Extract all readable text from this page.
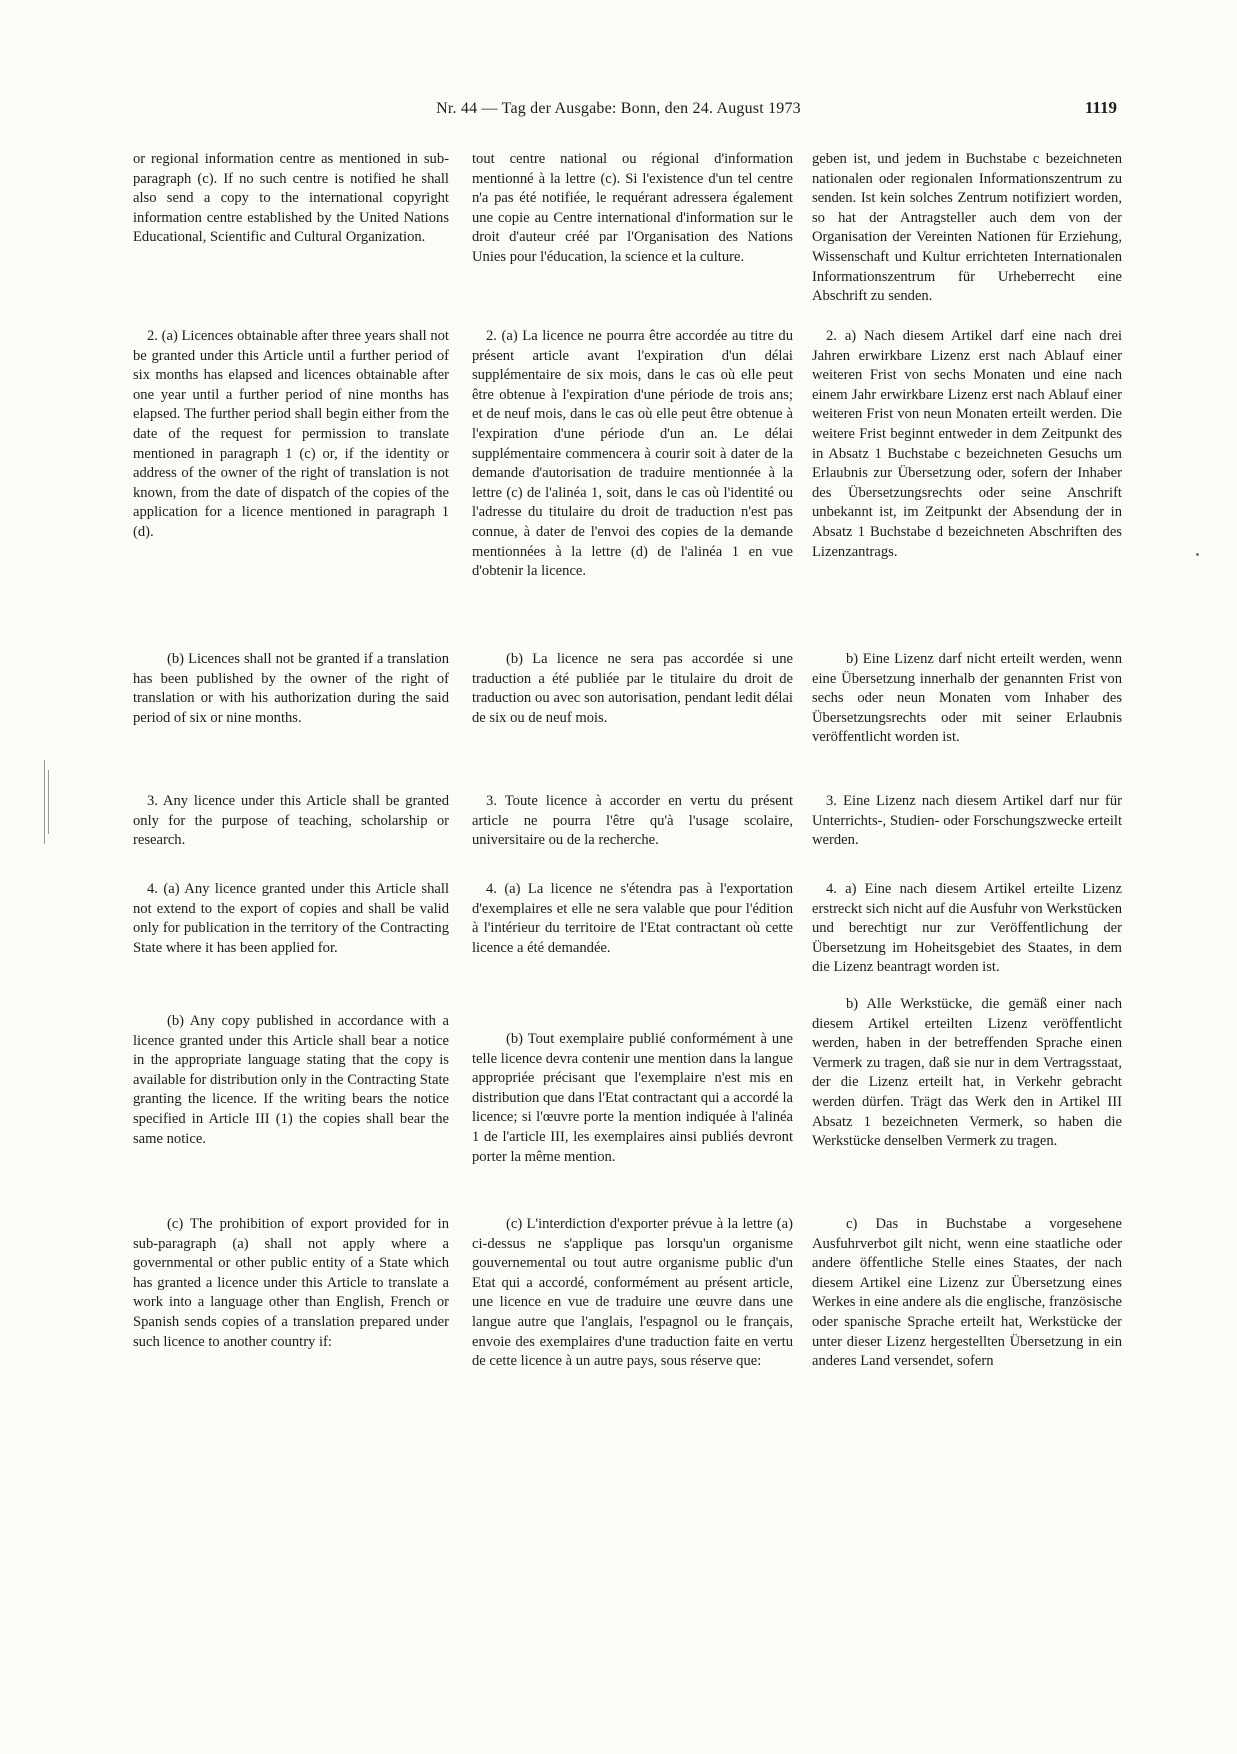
Nr. 44 — Tag der Ausgabe: Bonn, den 24. August 1973	1119
or regional information centre as mentioned in sub-paragraph (c). If no such centre is notified he shall also send a copy to the international copyright information centre established by the United Nations Educational, Scientific and Cultural Organization.
2. (a) Licences obtainable after three years shall not be granted under this Article until a further period of six months has elapsed and licences obtainable after one year until a further period of nine months has elapsed. The further period shall begin either from the date of the request for permission to translate mentioned in paragraph 1 (c) or, if the identity or address of the owner of the right of translation is not known, from the date of dispatch of the copies of the application for a licence mentioned in paragraph 1 (d).
(b) Licences shall not be granted if a translation has been published by the owner of the right of translation or with his authorization during the said period of six or nine months.
3. Any licence under this Article shall be granted only for the purpose of teaching, scholarship or research.
4. (a) Any licence granted under this Article shall not extend to the export of copies and shall be valid only for publication in the territory of the Contracting State where it has been applied for.
(b) Any copy published in accordance with a licence granted under this Article shall bear a notice in the appropriate language stating that the copy is available for distribution only in the Contracting State granting the licence. If the writing bears the notice specified in Article III (1) the copies shall bear the same notice.
(c) The prohibition of export provided for in sub-paragraph (a) shall not apply where a governmental or other public entity of a State which has granted a licence under this Article to translate a work into a language other than English, French or Spanish sends copies of a translation prepared under such licence to another country if:
tout centre national ou régional d'information mentionné à la lettre (c). Si l'existence d'un tel centre n'a pas été notifiée, le requérant adressera également une copie au Centre international d'information sur le droit d'auteur créé par l'Organisation des Nations Unies pour l'éducation, la science et la culture.
2. (a) La licence ne pourra être accordée au titre du présent article avant l'expiration d'un délai supplémentaire de six mois, dans le cas où elle peut être obtenue à l'expiration d'une période de trois ans; et de neuf mois, dans le cas où elle peut être obtenue à l'expiration d'une période d'un an. Le délai supplémentaire commencera à courir soit à dater de la demande d'autorisation de traduire mentionnée à la lettre (c) de l'alinéa 1, soit, dans le cas où l'identité ou l'adresse du titulaire du droit de traduction n'est pas connue, à dater de l'envoi des copies de la demande mentionnées à la lettre (d) de l'alinéa 1 en vue d'obtenir la licence.
(b) La licence ne sera pas accordée si une traduction a été publiée par le titulaire du droit de traduction ou avec son autorisation, pendant ledit délai de six ou de neuf mois.
3. Toute licence à accorder en vertu du présent article ne pourra l'être qu'à l'usage scolaire, universitaire ou de la recherche.
4. (a) La licence ne s'étendra pas à l'exportation d'exemplaires et elle ne sera valable que pour l'édition à l'intérieur du territoire de l'Etat contractant où cette licence a été demandée.
(b) Tout exemplaire publié conformément à une telle licence devra contenir une mention dans la langue appropriée précisant que l'exemplaire n'est mis en distribution que dans l'Etat contractant qui a accordé la licence; si l'œuvre porte la mention indiquée à l'alinéa 1 de l'article III, les exemplaires ainsi publiés devront porter la même mention.
(c) L'interdiction d'exporter prévue à la lettre (a) ci-dessus ne s'applique pas lorsqu'un organisme gouvernemental ou tout autre organisme public d'un Etat qui a accordé, conformément au présent article, une licence en vue de traduire une œuvre dans une langue autre que l'anglais, l'espagnol ou le français, envoie des exemplaires d'une traduction faite en vertu de cette licence à un autre pays, sous réserve que:
geben ist, und jedem in Buchstabe c bezeichneten nationalen oder regionalen Informationszentrum zu senden. Ist kein solches Zentrum notifiziert worden, so hat der Antragsteller auch dem von der Organisation der Vereinten Nationen für Erziehung, Wissenschaft und Kultur errichteten Internationalen Informationszentrum für Urheberrecht eine Abschrift zu senden.
2. a) Nach diesem Artikel darf eine nach drei Jahren erwirkbare Lizenz erst nach Ablauf einer weiteren Frist von sechs Monaten und eine nach einem Jahr erwirkbare Lizenz erst nach Ablauf einer weiteren Frist von neun Monaten erteilt werden. Die weitere Frist beginnt entweder in dem Zeitpunkt des in Absatz 1 Buchstabe c bezeichneten Gesuchs um Erlaubnis zur Übersetzung oder, sofern der Inhaber des Übersetzungsrechts oder seine Anschrift unbekannt ist, im Zeitpunkt der Absendung der in Absatz 1 Buchstabe d bezeichneten Abschriften des Lizenzantrags.
b) Eine Lizenz darf nicht erteilt werden, wenn eine Übersetzung innerhalb der genannten Frist von sechs oder neun Monaten vom Inhaber des Übersetzungsrechts oder mit seiner Erlaubnis veröffentlicht worden ist.
3. Eine Lizenz nach diesem Artikel darf nur für Unterrichts-, Studien- oder Forschungszwecke erteilt werden.
4. a) Eine nach diesem Artikel erteilte Lizenz erstreckt sich nicht auf die Ausfuhr von Werkstücken und berechtigt nur zur Veröffentlichung der Übersetzung im Hoheitsgebiet des Staates, in dem die Lizenz beantragt worden ist.
b) Alle Werkstücke, die gemäß einer nach diesem Artikel erteilten Lizenz veröffentlicht werden, haben in der betreffenden Sprache einen Vermerk zu tragen, daß sie nur in dem Vertragsstaat, der die Lizenz erteilt hat, in Verkehr gebracht werden dürfen. Trägt das Werk den in Artikel III Absatz 1 bezeichneten Vermerk, so haben die Werkstücke denselben Vermerk zu tragen.
c) Das in Buchstabe a vorgesehene Ausfuhrverbot gilt nicht, wenn eine staatliche oder andere öffentliche Stelle eines Staates, der nach diesem Artikel eine Lizenz zur Übersetzung eines Werkes in eine andere als die englische, französische oder spanische Sprache erteilt hat, Werkstücke der unter dieser Lizenz hergestellten Übersetzung in ein anderes Land versendet, sofern
